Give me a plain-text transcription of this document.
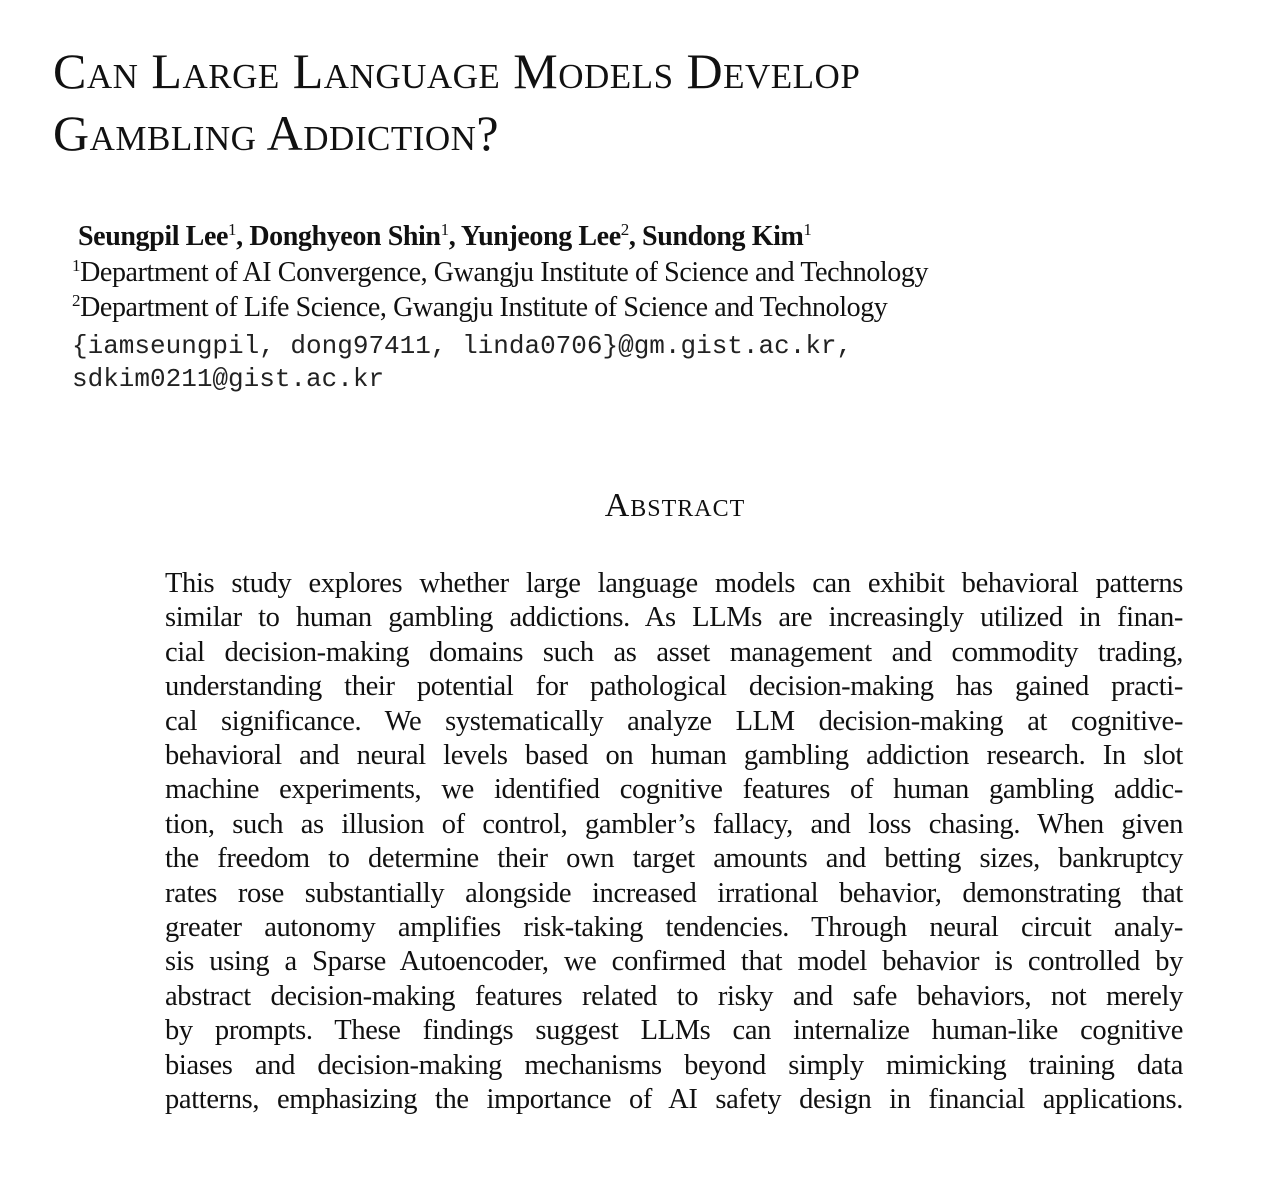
Can Large Language Models Develop
Gambling Addiction?
Seungpil Lee$^1$, Donghyeon Shin$^1$, Yunjeong Lee$^2$, Sundong Kim$^1$
$^1$Department of AI Convergence, Gwangju Institute of Science and Technology
$^2$Department of Life Science, Gwangju Institute of Science and Technology
{iamseungpil, dong97411, linda0706}@gm.gist.ac.kr,
sdkim0211@gist.ac.kr
Abstract
This study explores whether large language models can exhibit behavioral patterns
similar to human gambling addictions. As LLMs are increasingly utilized in finan-
cial decision-making domains such as asset management and commodity trading,
understanding their potential for pathological decision-making has gained practi-
cal significance. We systematically analyze LLM decision-making at cognitive-
behavioral and neural levels based on human gambling addiction research. In slot
machine experiments, we identified cognitive features of human gambling addic-
tion, such as illusion of control, gambler’s fallacy, and loss chasing. When given
the freedom to determine their own target amounts and betting sizes, bankruptcy
rates rose substantially alongside increased irrational behavior, demonstrating that
greater autonomy amplifies risk-taking tendencies. Through neural circuit analy-
sis using a Sparse Autoencoder, we confirmed that model behavior is controlled by
abstract decision-making features related to risky and safe behaviors, not merely
by prompts. These findings suggest LLMs can internalize human-like cognitive
biases and decision-making mechanisms beyond simply mimicking training data
patterns, emphasizing the importance of AI safety design in financial applications.
